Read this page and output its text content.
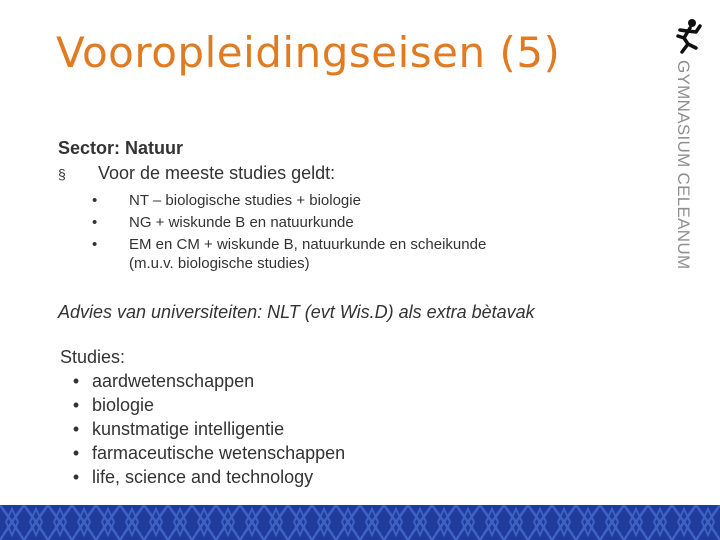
Vooropleidingseisen (5)
Sector: Natuur
§ Voor de meeste studies geldt:
•	NT – biologische studies + biologie
•	NG + wiskunde B en natuurkunde
•	EM en CM + wiskunde B, natuurkunde en scheikunde
(m.u.v. biologische studies)
Advies van universiteiten: NLT (evt Wis.D) als extra bètavak
Studies:
• aardwetenschappen
• biologie
• kunstmatige intelligentie
• farmaceutische wetenschappen
• life, science and technology
GYMNASIUM CELEANUM
